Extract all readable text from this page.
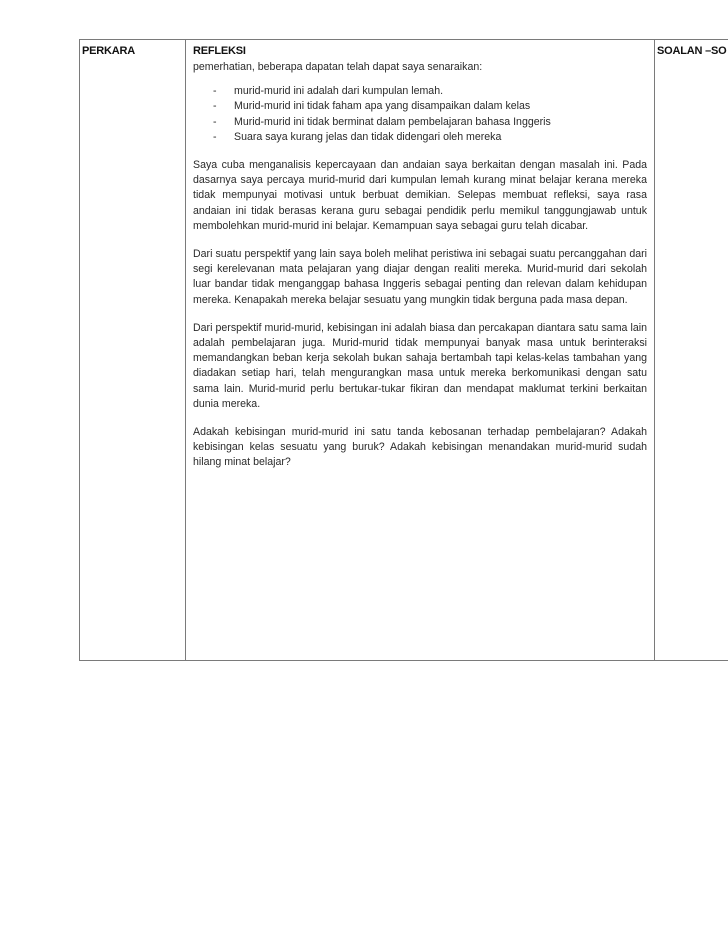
PERKARA	REFLEKSI	SOALAN –SO

pemerhatian, beberapa dapatan telah dapat saya senaraikan:

- murid-murid ini adalah dari kumpulan lemah.
- Murid-murid ini tidak faham apa yang disampaikan dalam kelas
- Murid-murid ini tidak berminat dalam pembelajaran bahasa Inggeris
- Suara saya kurang jelas dan tidak didengari oleh mereka

Saya cuba menganalisis kepercayaan dan andaian saya berkaitan dengan masalah ini. Pada dasarnya saya percaya murid-murid dari kumpulan lemah kurang minat belajar kerana mereka tidak mempunyai motivasi untuk berbuat demikian. Selepas membuat refleksi, saya rasa andaian ini tidak berasas kerana guru sebagai pendidik perlu memikul tanggungjawab untuk membolehkan murid-murid ini belajar. Kemampuan saya sebagai guru telah dicabar.

Dari suatu perspektif yang lain saya boleh melihat peristiwa ini sebagai suatu percanggahan dari segi kerelevanan mata pelajaran yang diajar dengan realiti mereka. Murid-murid dari sekolah luar bandar tidak menganggap bahasa Inggeris sebagai penting dan relevan dalam kehidupan mereka. Kenapakah mereka belajar sesuatu yang mungkin tidak berguna pada masa depan.

Dari perspektif murid-murid, kebisingan ini adalah biasa dan percakapan diantara satu sama lain adalah pembelajaran juga. Murid-murid tidak mempunyai banyak masa untuk berinteraksi memandangkan beban kerja sekolah bukan sahaja bertambah tapi kelas-kelas tambahan yang diadakan setiap hari, telah mengurangkan masa untuk mereka berkomunikasi dengan satu sama lain. Murid-murid perlu bertukar-tukar fikiran dan mendapat maklumat terkini berkaitan dunia mereka.

Adakah kebisingan murid-murid ini satu tanda kebosanan terhadap pembelajaran? Adakah kebisingan kelas sesuatu yang buruk? Adakah kebisingan menandakan murid-murid sudah hilang minat belajar?
